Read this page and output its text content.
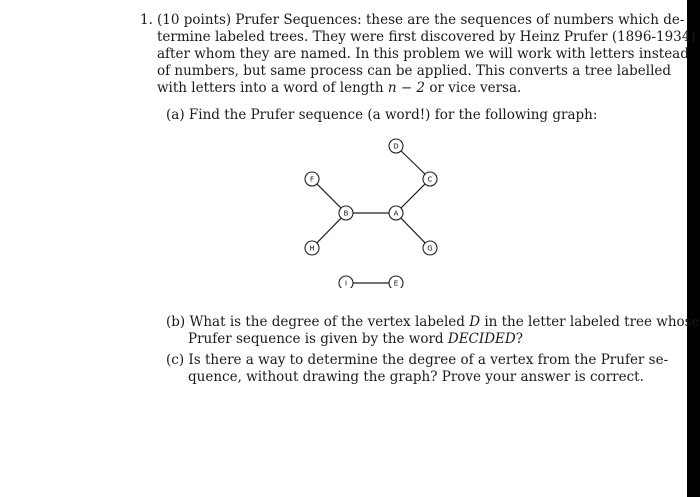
1. (10 points) Prufer Sequences: these are the sequences of numbers which de-
termine labeled trees. They were first discovered by Heinz Prufer (1896-1934)
after whom they are named. In this problem we will work with letters instead
of numbers, but same process can be applied. This converts a tree labelled
with letters into a word of length n − 2 or vice versa.
(a) Find the Prufer sequence (a word!) for the following graph:
D
C
F
B	A
G
H
I	E
(b) What is the degree of the vertex labeled D in the letter labeled tree whose
Prufer sequence is given by the word DECIDED?
(c) Is there a way to determine the degree of a vertex from the Prufer se-
quence, without drawing the graph? Prove your answer is correct.
